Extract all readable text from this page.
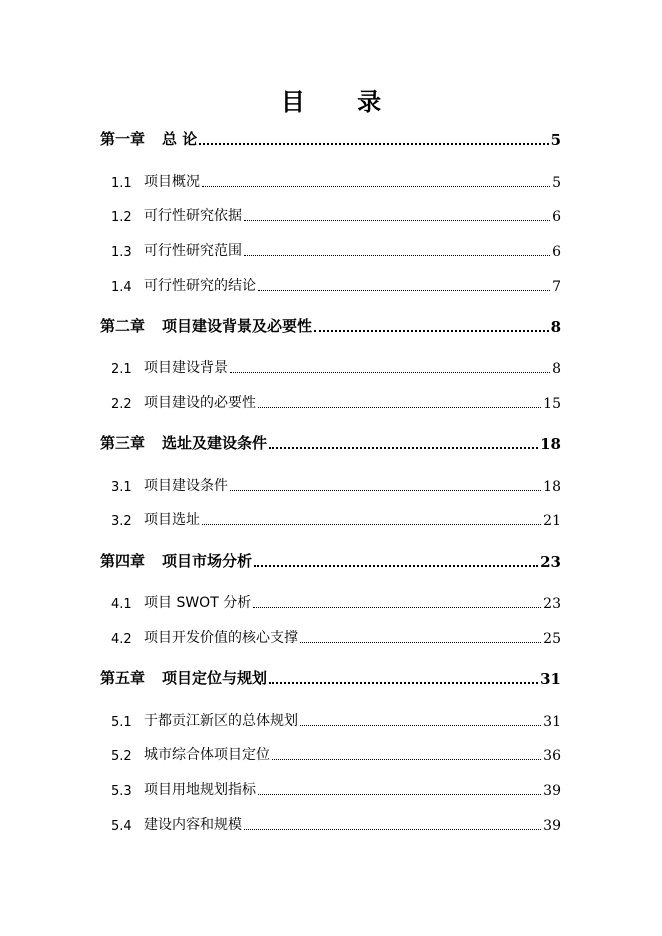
目 录
第一章	总 论	5
1.1 项目概况	5
1.2 可行性研究依据	6
1.3 可行性研究范围	6
1.4 可行性研究的结论	7
第二章	项目建设背景及必要性	8
2.1 项目建设背景	8
2.2 项目建设的必要性	15
第三章	选址及建设条件	18
3.1 项目建设条件	18
3.2 项目选址	21
第四章	项目市场分析	23
4.1 项目 SWOT 分析	23
4.2 项目开发价值的核心支撑	25
第五章	项目定位与规划	31
5.1 于都贡江新区的总体规划	31
5.2 城市综合体项目定位	36
5.3 项目用地规划指标	39
5.4 建设内容和规模	39
